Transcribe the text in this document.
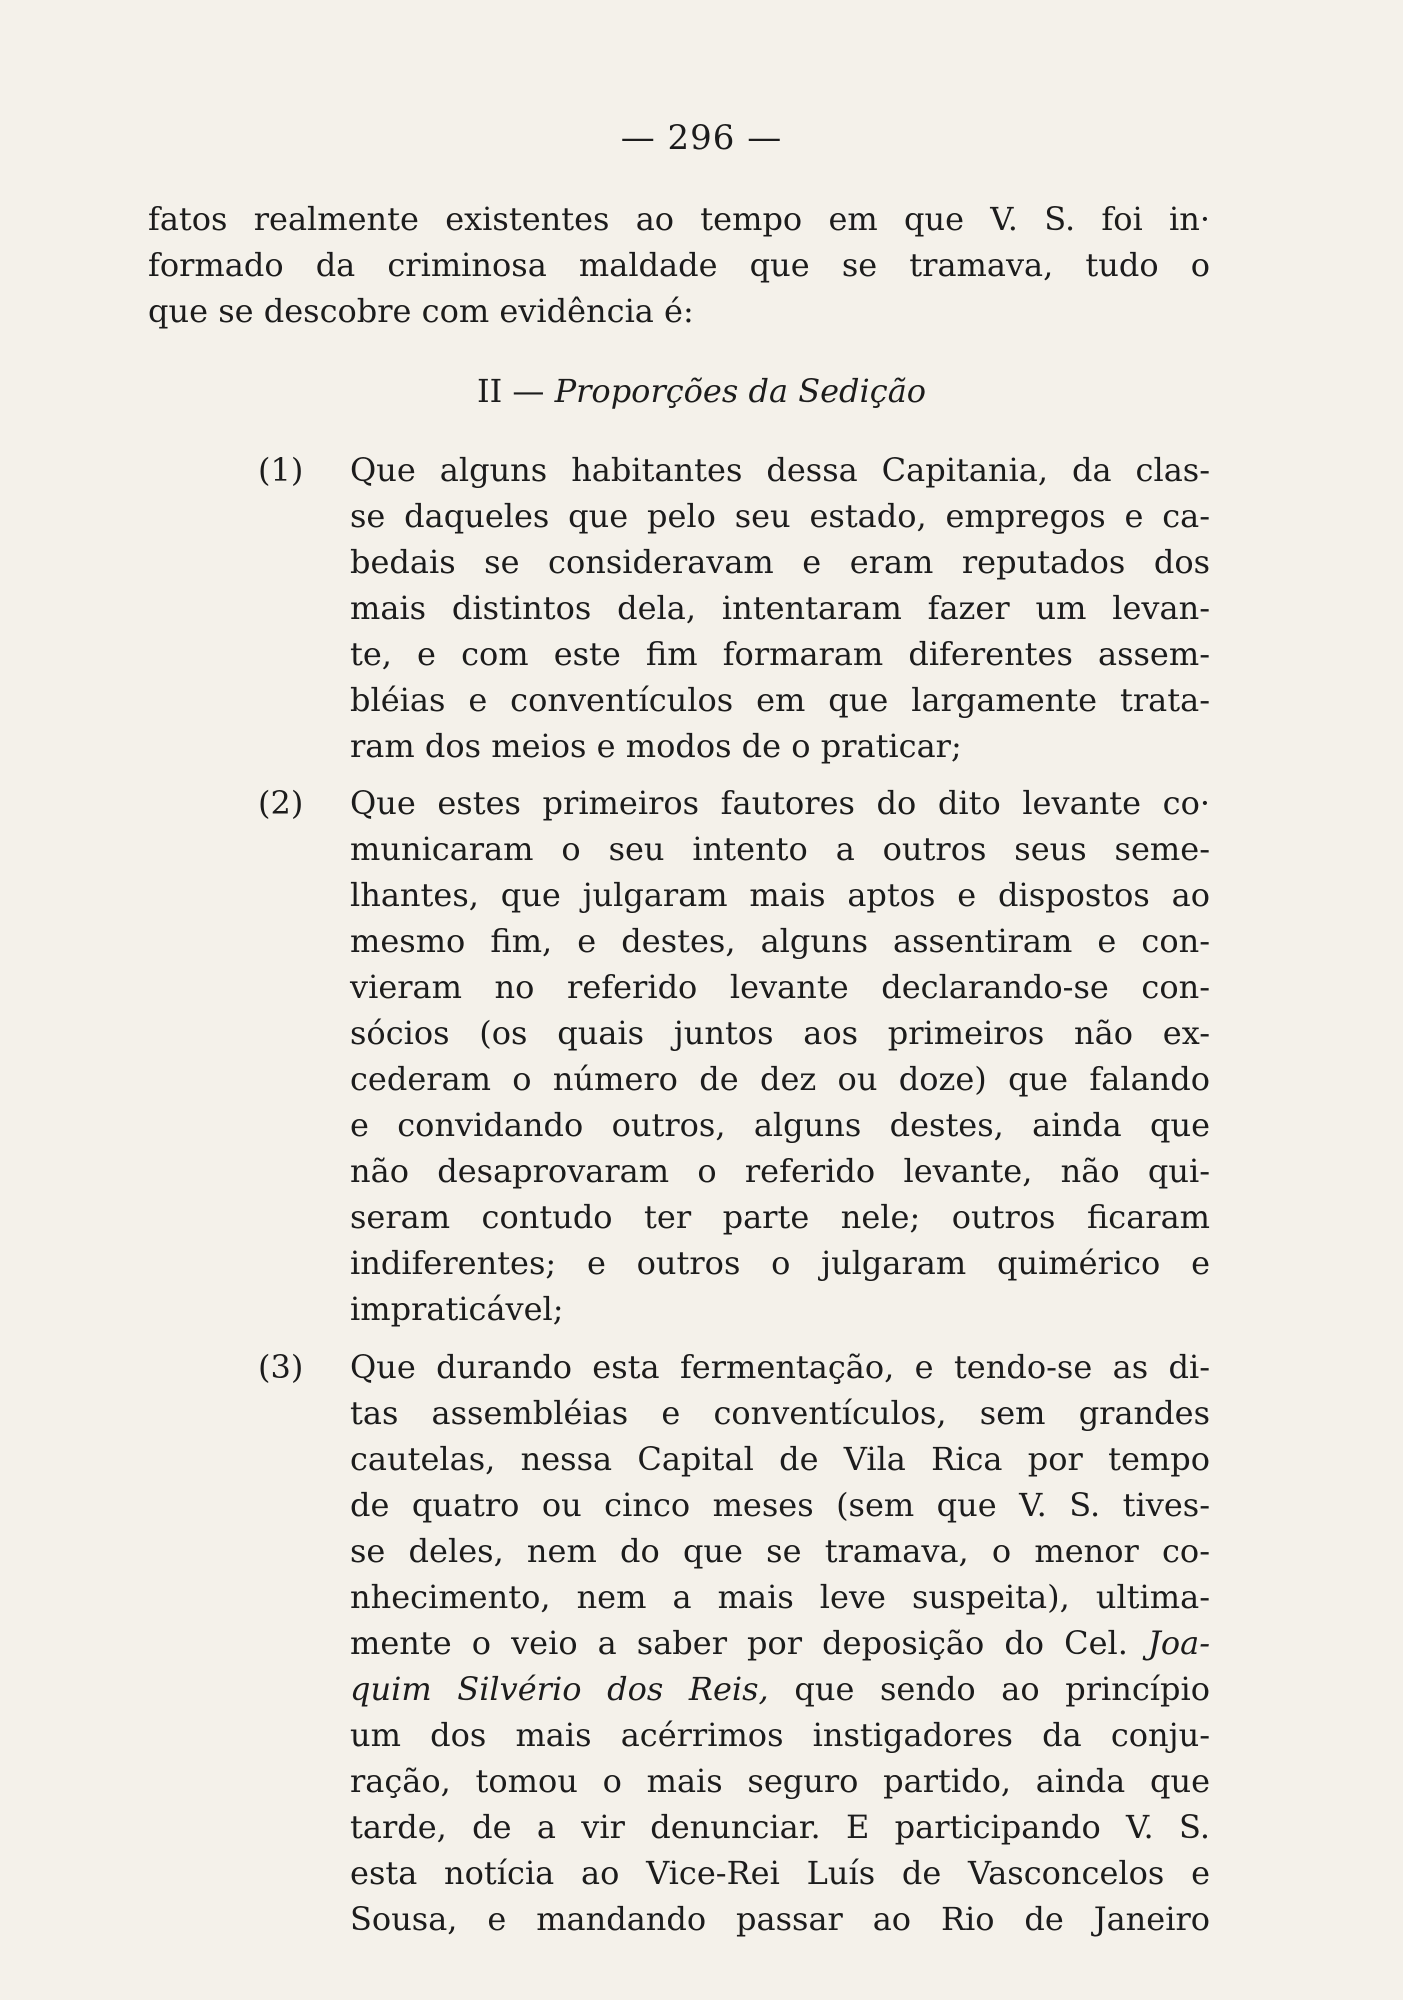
— 296 —
fatos realmente existentes ao tempo em que V. S. foi in·
formado da criminosa maldade que se tramava, tudo o
que se descobre com evidência é:
II — Proporções da Sedição
(1) Que alguns habitantes dessa Capitania, da clas-
se daqueles que pelo seu estado, empregos e ca-
bedais se consideravam e eram reputados dos
mais distintos dela, intentaram fazer um levan-
te, e com este fim formaram diferentes assem-
bléias e conventículos em que largamente trata-
ram dos meios e modos de o praticar;
(2) Que estes primeiros fautores do dito levante co·
municaram o seu intento a outros seus seme-
lhantes, que julgaram mais aptos e dispostos ao
mesmo fim, e destes, alguns assentiram e con-
vieram no referido levante declarando-se con-
sócios (os quais juntos aos primeiros não ex-
cederam o número de dez ou doze) que falando
e convidando outros, alguns destes, ainda que
não desaprovaram o referido levante, não qui-
seram contudo ter parte nele; outros ficaram
indiferentes; e outros o julgaram quimérico e
impraticável;
(3) Que durando esta fermentação, e tendo-se as di-
tas assembléias e conventículos, sem grandes
cautelas, nessa Capital de Vila Rica por tempo
de quatro ou cinco meses (sem que V. S. tives-
se deles, nem do que se tramava, o menor co-
nhecimento, nem a mais leve suspeita), ultima-
mente o veio a saber por deposição do Cel. Joa-
quim Silvério dos Reis, que sendo ao princípio
um dos mais acérrimos instigadores da conju-
ração, tomou o mais seguro partido, ainda que
tarde, de a vir denunciar. E participando V. S.
esta notícia ao Vice-Rei Luís de Vasconcelos e
Sousa, e mandando passar ao Rio de Janeiro
